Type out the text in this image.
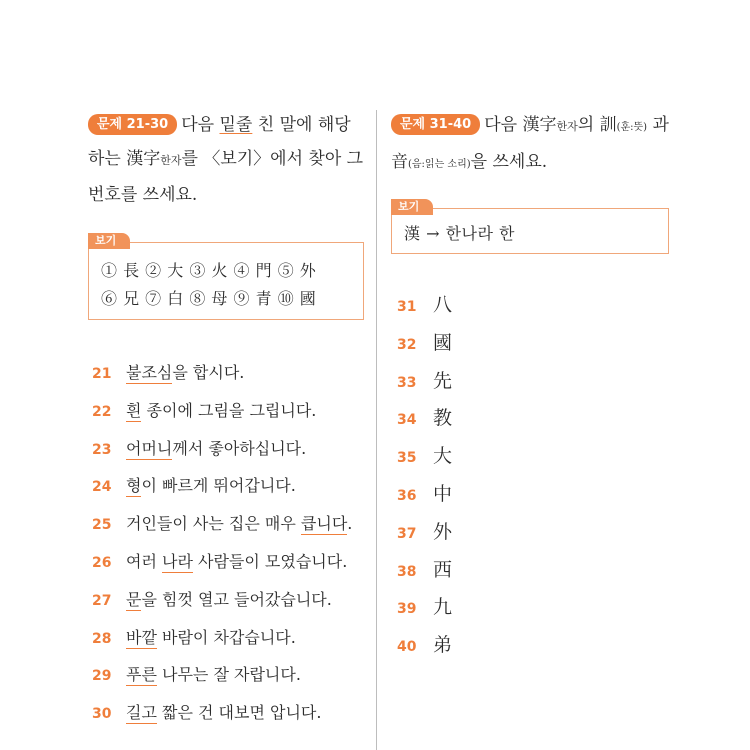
문제 21-30 다음 밑줄 친 말에 해당하는 漢字한자를 〈보기〉에서 찾아 그 번호를 쓰세요.

보기
① 長 ② 大 ③ 火 ④ 門 ⑤ 外
⑥ 兄 ⑦ 白 ⑧ 母 ⑨ 青 ⑩ 國
21 불조심을 합시다.
22 흰 종이에 그림을 그립니다.
23 어머니께서 좋아하십니다.
24 형이 빠르게 뛰어갑니다.
25 거인들이 사는 집은 매우 큽니다.
26 여러 나라 사람들이 모였습니다.
27 문을 힘껏 열고 들어갔습니다.
28 바깥 바람이 차갑습니다.
29 푸른 나무는 잘 자랍니다.
30 길고 짧은 건 대보면 압니다.

문제 31-40 다음 漢字한자의 訓(훈:뜻) 과 音(음:읽는 소리)을 쓰세요.

보기
漢 → 한나라 한
31 八
32 國
33 先
34 教
35 大
36 中
37 外
38 西
39 九
40 弟
